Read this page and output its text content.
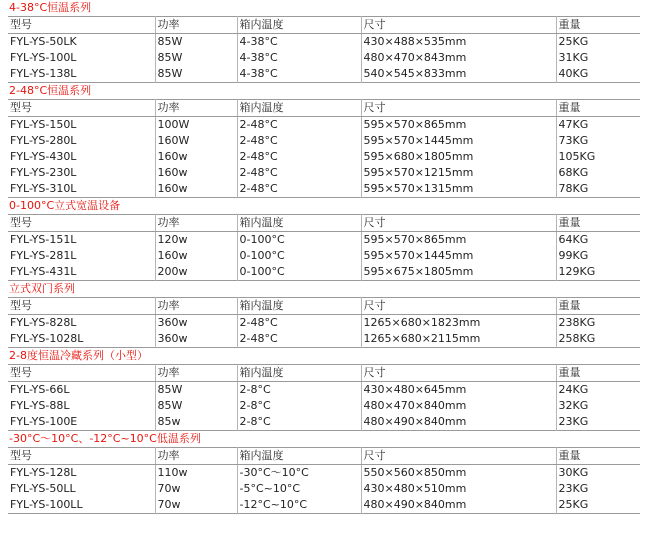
4-38°C恒温系列
型号	功率	箱内温度	尺寸	重量
FYL-YS-50LK	85W	4-38°C	430×488×535mm	25KG
FYL-YS-100L	85W	4-38°C	480×470×843mm	31KG
FYL-YS-138L	85W	4-38°C	540×545×833mm	40KG
2-48°C恒温系列
型号	功率	箱内温度	尺寸	重量
FYL-YS-150L	100W	2-48°C	595×570×865mm	47KG
FYL-YS-280L	160W	2-48°C	595×570×1445mm	73KG
FYL-YS-430L	160w	2-48°C	595×680×1805mm	105KG
FYL-YS-230L	160w	2-48°C	595×570×1215mm	68KG
FYL-YS-310L	160w	2-48°C	595×570×1315mm	78KG
0-100°C立式宽温设备
型号	功率	箱内温度	尺寸	重量
FYL-YS-151L	120w	0-100°C	595×570×865mm	64KG
FYL-YS-281L	160w	0-100°C	595×570×1445mm	99KG
FYL-YS-431L	200w	0-100°C	595×675×1805mm	129KG
立式双门系列
型号	功率	箱内温度	尺寸	重量
FYL-YS-828L	360w	2-48°C	1265×680×1823mm	238KG
FYL-YS-1028L	360w	2-48°C	1265×680×2115mm	258KG
2-8度恒温冷藏系列（小型）
型号	功率	箱内温度	尺寸	重量
FYL-YS-66L	85W	2-8°C	430×480×645mm	24KG
FYL-YS-88L	85W	2-8°C	480×470×840mm	32KG
FYL-YS-100E	85w	2-8°C	480×490×840mm	23KG
-30°C～10°C、-12°C~10°C低温系列
型号	功率	箱内温度	尺寸	重量
FYL-YS-128L	110w	-30°C～10°C	550×560×850mm	30KG
FYL-YS-50LL	70w	-5°C~10°C	430×480×510mm	23KG
FYL-YS-100LL	70w	-12°C~10°C	480×490×840mm	25KG
